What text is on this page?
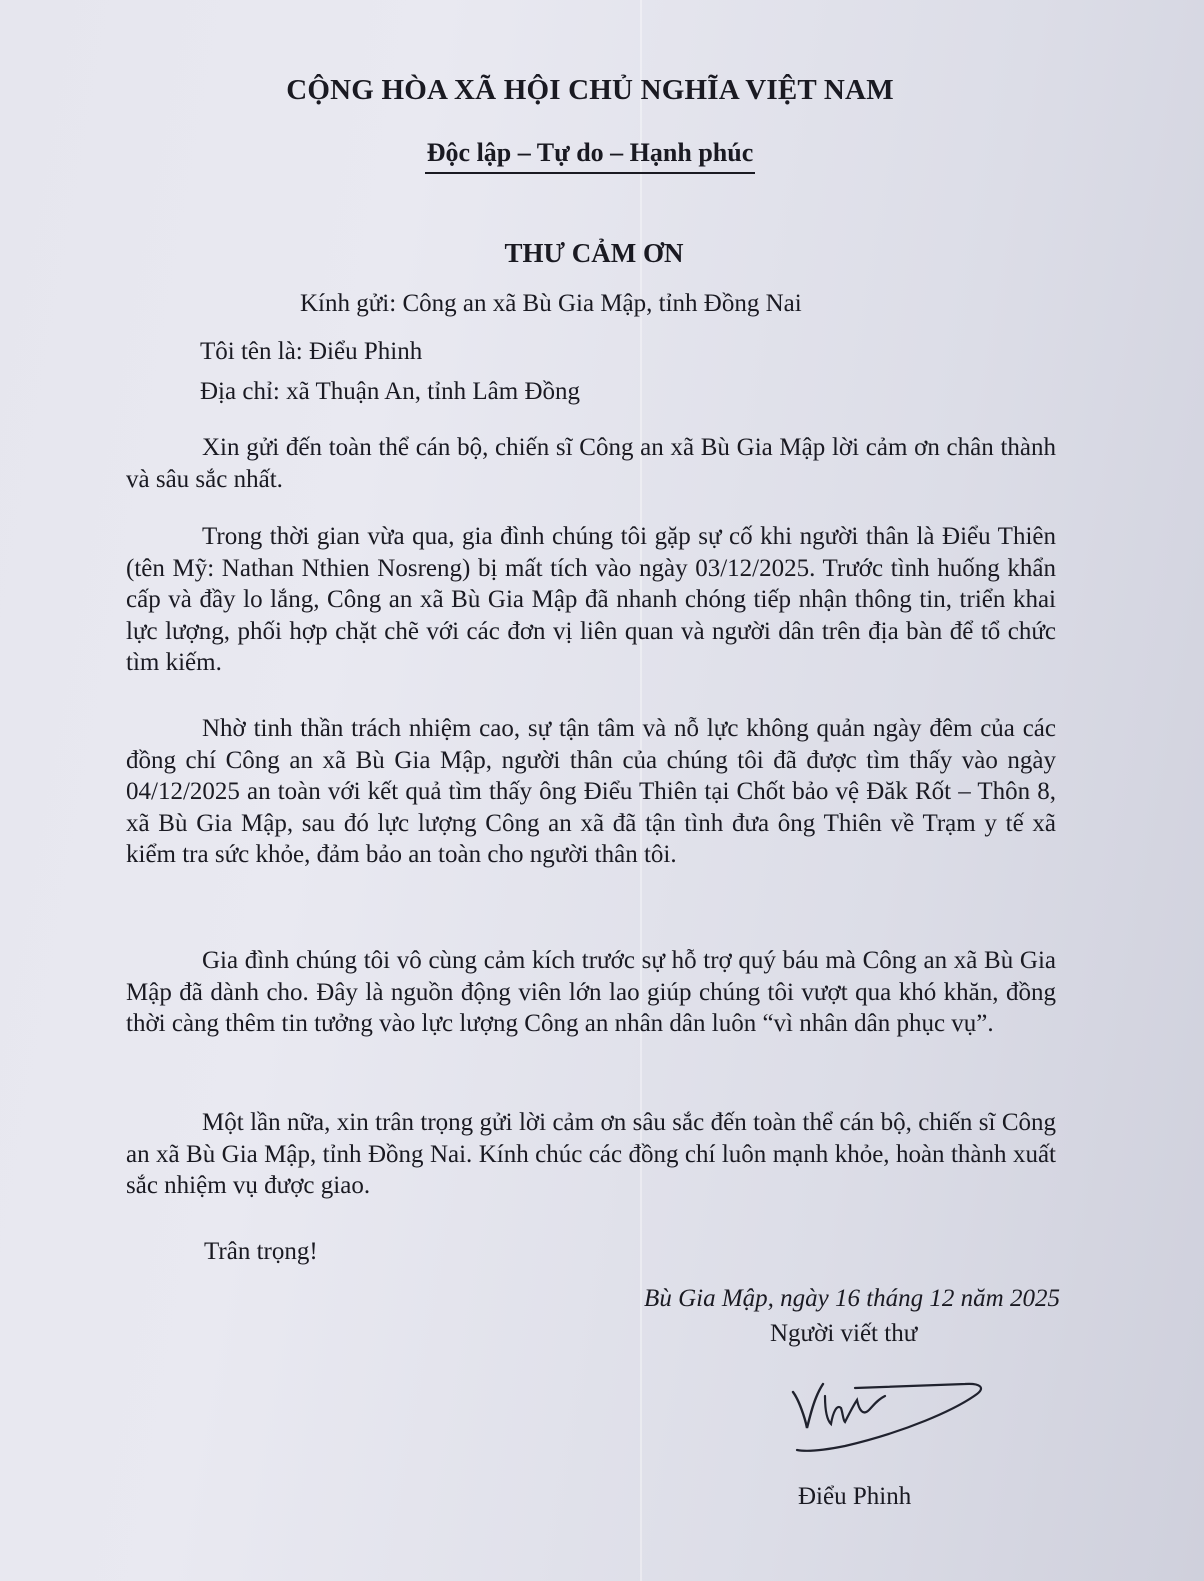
CỘNG HÒA XÃ HỘI CHỦ NGHĨA VIỆT NAM
Độc lập – Tự do – Hạnh phúc
THƯ CẢM ƠN
Kính gửi: Công an xã Bù Gia Mập, tỉnh Đồng Nai
Tôi tên là: Điểu Phinh
Địa chỉ: xã Thuận An, tỉnh Lâm Đồng
Xin gửi đến toàn thể cán bộ, chiến sĩ Công an xã Bù Gia Mập lời cảm ơn chân thành và sâu sắc nhất.
Trong thời gian vừa qua, gia đình chúng tôi gặp sự cố khi người thân là Điểu Thiên (tên Mỹ: Nathan Nthien Nosreng) bị mất tích vào ngày 03/12/2025. Trước tình huống khẩn cấp và đầy lo lắng, Công an xã Bù Gia Mập đã nhanh chóng tiếp nhận thông tin, triển khai lực lượng, phối hợp chặt chẽ với các đơn vị liên quan và người dân trên địa bàn để tổ chức tìm kiếm.
Nhờ tinh thần trách nhiệm cao, sự tận tâm và nỗ lực không quản ngày đêm của các đồng chí Công an xã Bù Gia Mập, người thân của chúng tôi đã được tìm thấy vào ngày 04/12/2025 an toàn với kết quả tìm thấy ông Điểu Thiên tại Chốt bảo vệ Đăk Rốt – Thôn 8, xã Bù Gia Mập, sau đó lực lượng Công an xã đã tận tình đưa ông Thiên về Trạm y tế xã kiểm tra sức khỏe, đảm bảo an toàn cho người thân tôi.
Gia đình chúng tôi vô cùng cảm kích trước sự hỗ trợ quý báu mà Công an xã Bù Gia Mập đã dành cho. Đây là nguồn động viên lớn lao giúp chúng tôi vượt qua khó khăn, đồng thời càng thêm tin tưởng vào lực lượng Công an nhân dân luôn “vì nhân dân phục vụ”.
Một lần nữa, xin trân trọng gửi lời cảm ơn sâu sắc đến toàn thể cán bộ, chiến sĩ Công an xã Bù Gia Mập, tỉnh Đồng Nai. Kính chúc các đồng chí luôn mạnh khỏe, hoàn thành xuất sắc nhiệm vụ được giao.
Trân trọng!
Bù Gia Mập, ngày 16 tháng 12 năm 2025
Người viết thư
Điểu Phinh
